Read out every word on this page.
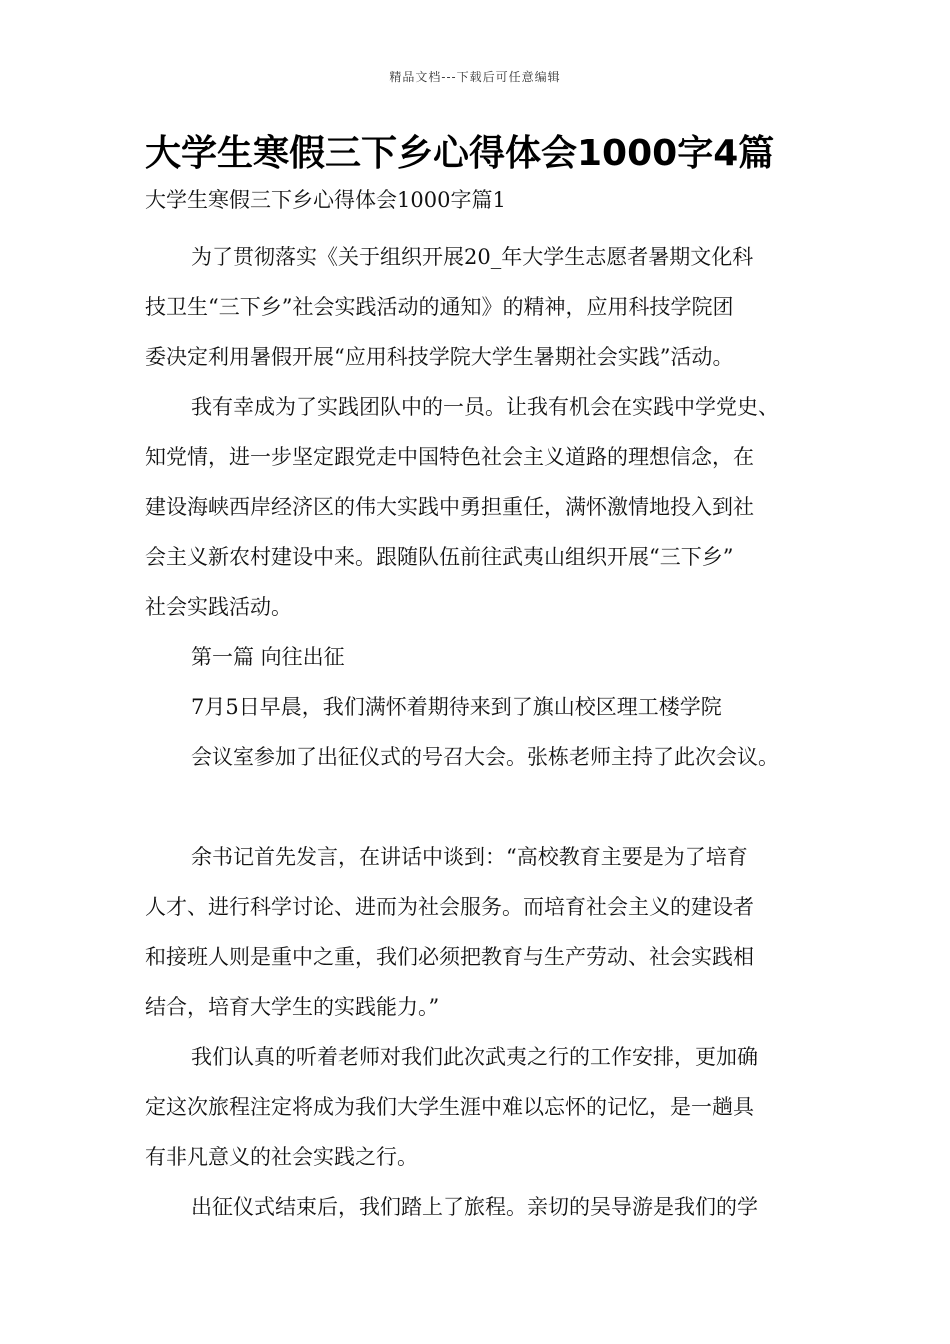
精品文档---下载后可任意编辑
大学生寒假三下乡心得体会1000字4篇
大学生寒假三下乡心得体会1000字篇1
为了贯彻落实《关于组织开展20_年大学生志愿者暑期文化科
技卫生“三下乡”社会实践活动的通知》的精神，应用科技学院团
委决定利用暑假开展“应用科技学院大学生暑期社会实践”活动。
我有幸成为了实践团队中的一员。让我有机会在实践中学党史、
知党情，进一步坚定跟党走中国特色社会主义道路的理想信念，在
建设海峡西岸经济区的伟大实践中勇担重任，满怀激情地投入到社
会主义新农村建设中来。跟随队伍前往武夷山组织开展“三下乡”
社会实践活动。
第一篇 向往出征
7月5日早晨，我们满怀着期待来到了旗山校区理工楼学院
会议室参加了出征仪式的号召大会。张栋老师主持了此次会议。
余书记首先发言，在讲话中谈到：“高校教育主要是为了培育
人才、进行科学讨论、进而为社会服务。而培育社会主义的建设者
和接班人则是重中之重，我们必须把教育与生产劳动、社会实践相
结合，培育大学生的实践能力。”
我们认真的听着老师对我们此次武夷之行的工作安排，更加确
定这次旅程注定将成为我们大学生涯中难以忘怀的记忆，是一趟具
有非凡意义的社会实践之行。
出征仪式结束后，我们踏上了旅程。亲切的吴导游是我们的学
